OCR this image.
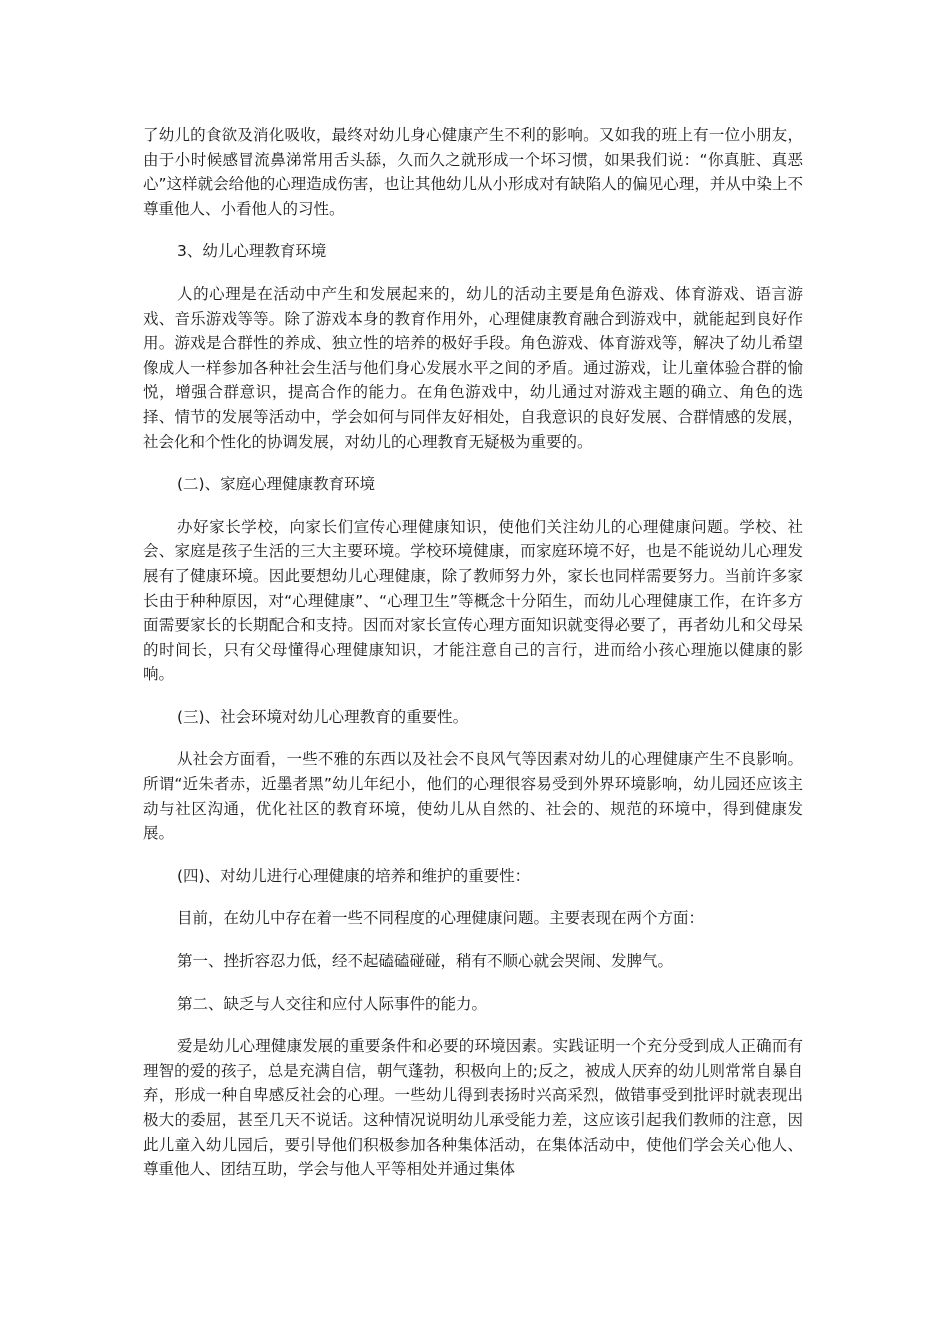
了幼儿的食欲及消化吸收，最终对幼儿身心健康产生不利的影响。又如我的班上有一位小朋友，由于小时候感冒流鼻涕常用舌头舔，久而久之就形成一个坏习惯，如果我们说：“你真脏、真恶心”这样就会给他的心理造成伤害，也让其他幼儿从小形成对有缺陷人的偏见心理，并从中染上不尊重他人、小看他人的习性。

3、幼儿心理教育环境

人的心理是在活动中产生和发展起来的，幼儿的活动主要是角色游戏、体育游戏、语言游戏、音乐游戏等等。除了游戏本身的教育作用外，心理健康教育融合到游戏中，就能起到良好作用。游戏是合群性的养成、独立性的培养的极好手段。角色游戏、体育游戏等，解决了幼儿希望像成人一样参加各种社会生活与他们身心发展水平之间的矛盾。通过游戏，让儿童体验合群的愉悦，增强合群意识，提高合作的能力。在角色游戏中，幼儿通过对游戏主题的确立、角色的选择、情节的发展等活动中，学会如何与同伴友好相处，自我意识的良好发展、合群情感的发展，社会化和个性化的协调发展，对幼儿的心理教育无疑极为重要的。

(二)、家庭心理健康教育环境

办好家长学校，向家长们宣传心理健康知识，使他们关注幼儿的心理健康问题。学校、社会、家庭是孩子生活的三大主要环境。学校环境健康，而家庭环境不好，也是不能说幼儿心理发展有了健康环境。因此要想幼儿心理健康，除了教师努力外，家长也同样需要努力。当前许多家长由于种种原因，对“心理健康”、“心理卫生”等概念十分陌生，而幼儿心理健康工作，在许多方面需要家长的长期配合和支持。因而对家长宣传心理方面知识就变得必要了，再者幼儿和父母呆的时间长，只有父母懂得心理健康知识，才能注意自己的言行，进而给小孩心理施以健康的影响。

(三)、社会环境对幼儿心理教育的重要性。

从社会方面看，一些不雅的东西以及社会不良风气等因素对幼儿的心理健康产生不良影响。所谓“近朱者赤，近墨者黑”幼儿年纪小，他们的心理很容易受到外界环境影响，幼儿园还应该主动与社区沟通，优化社区的教育环境，使幼儿从自然的、社会的、规范的环境中，得到健康发展。

(四)、对幼儿进行心理健康的培养和维护的重要性：

目前，在幼儿中存在着一些不同程度的心理健康问题。主要表现在两个方面：

第一、挫折容忍力低，经不起磕磕碰碰，稍有不顺心就会哭闹、发脾气。

第二、缺乏与人交往和应付人际事件的能力。

爱是幼儿心理健康发展的重要条件和必要的环境因素。实践证明一个充分受到成人正确而有理智的爱的孩子，总是充满自信，朝气蓬勃，积极向上的;反之，被成人厌弃的幼儿则常常自暴自弃，形成一种自卑感反社会的心理。一些幼儿得到表扬时兴高采烈，做错事受到批评时就表现出极大的委屈，甚至几天不说话。这种情况说明幼儿承受能力差，这应该引起我们教师的注意，因此儿童入幼儿园后，要引导他们积极参加各种集体活动，在集体活动中，使他们学会关心他人、尊重他人、团结互助，学会与他人平等相处并通过集体
